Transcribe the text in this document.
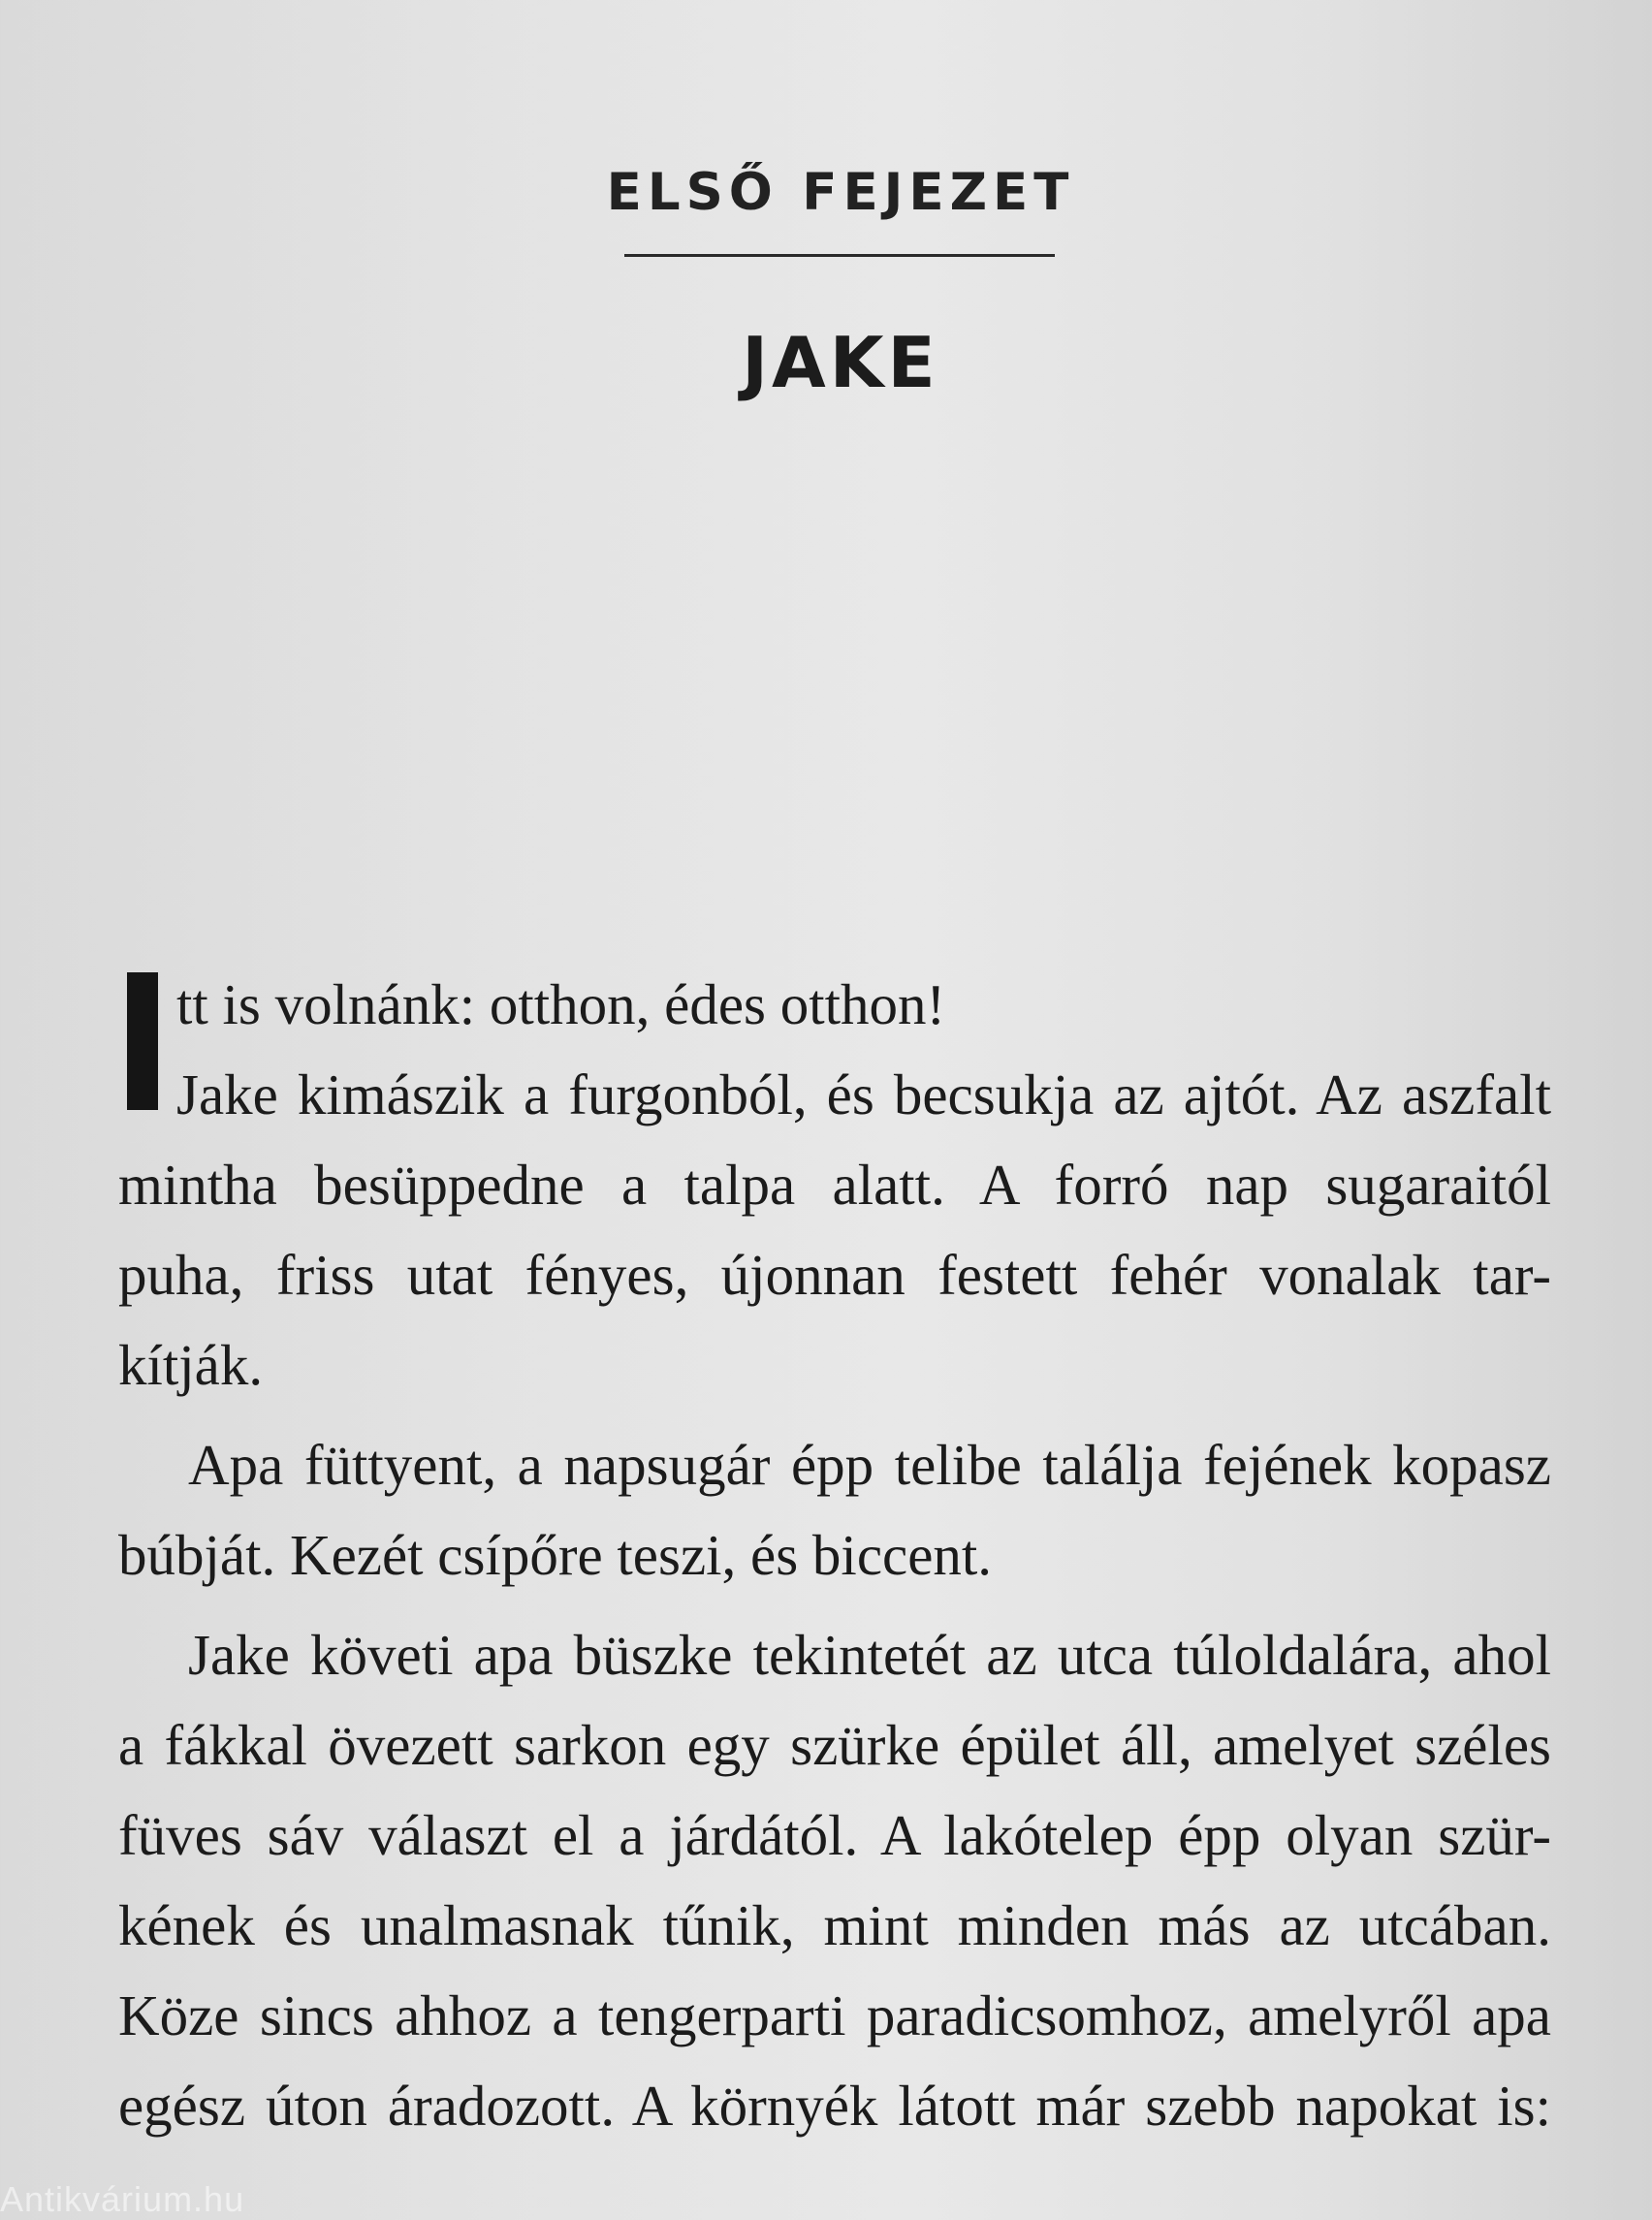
ELSŐ FEJEZET
JAKE
tt is volnánk: otthon, édes otthon!
Jake kimászik a furgonból, és becsukja az ajtót. Az aszfalt
mintha besüppedne a talpa alatt. A forró nap sugaraitól
puha, friss utat fényes, újonnan festett fehér vonalak tar-
kítják.
Apa füttyent, a napsugár épp telibe találja fejének kopasz
búbját. Kezét csípőre teszi, és biccent.
Jake követi apa büszke tekintetét az utca túloldalára, ahol
a fákkal övezett sarkon egy szürke épület áll, amelyet széles
füves sáv választ el a járdától. A lakótelep épp olyan szür-
kének és unalmasnak tűnik, mint minden más az utcában.
Köze sincs ahhoz a tengerparti paradicsomhoz, amelyről apa
egész úton áradozott. A környék látott már szebb napokat is:
Antikvárium.hu
